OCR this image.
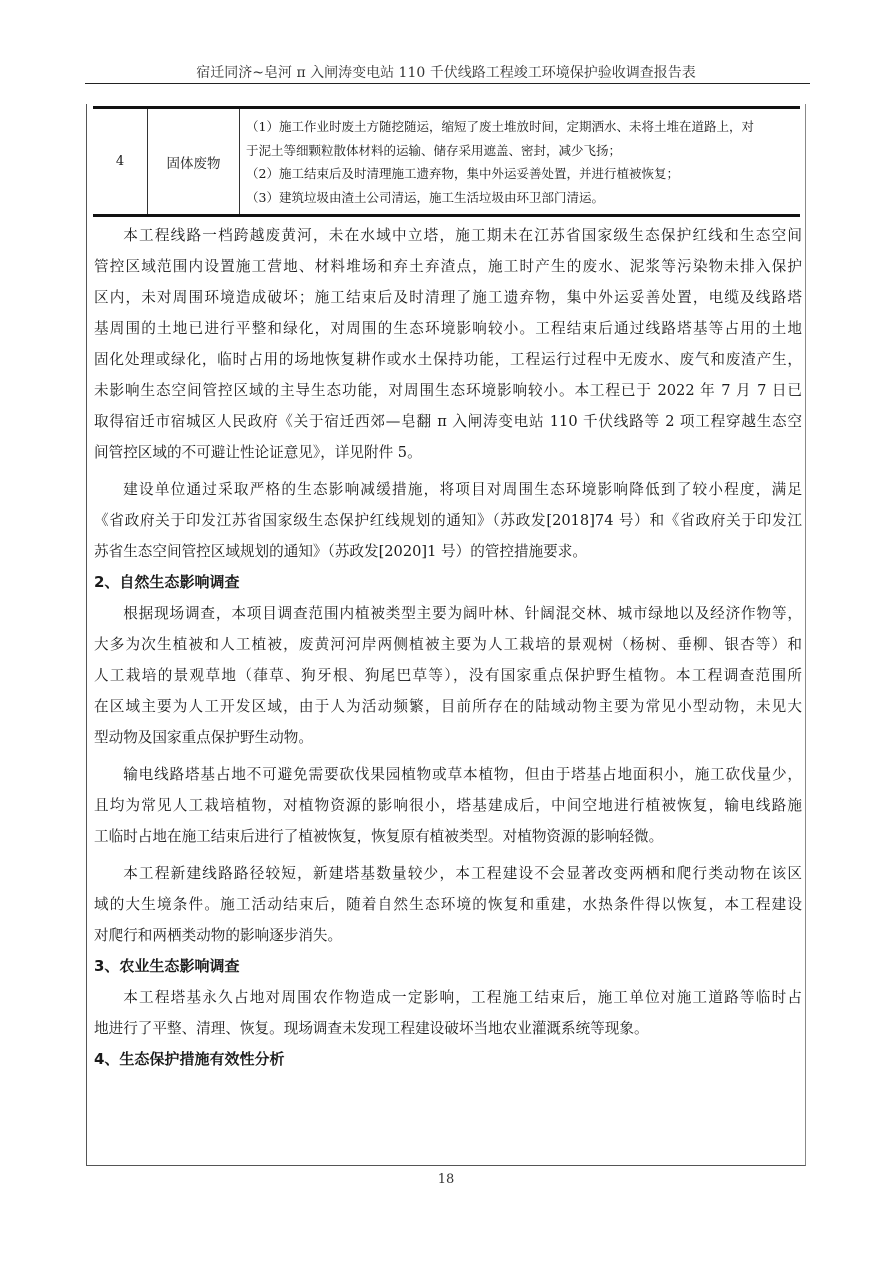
宿迁同济~皂河 π 入闸涛变电站 110 千伏线路工程竣工环境保护验收调查报告表
4	固体废物

（1）施工作业时废土方随挖随运，缩短了废土堆放时间，定期洒水、未将土堆在道路上，对

于泥土等细颗粒散体材料的运输、储存采用遮盖、密封，减少飞扬；

（2）施工结束后及时清理施工遗弃物，集中外运妥善处置，并进行植被恢复；

（3）建筑垃圾由渣土公司清运，施工生活垃圾由环卫部门清运。

本工程线路一档跨越废黄河，未在水域中立塔，施工期未在江苏省国家级生态保护红线和生态空间
管控区域范围内设置施工营地、材料堆场和弃土弃渣点，施工时产生的废水、泥浆等污染物未排入保护
区内，未对周围环境造成破坏；施工结束后及时清理了施工遗弃物，集中外运妥善处置，电缆及线路塔
基周围的土地已进行平整和绿化，对周围的生态环境影响较小。工程结束后通过线路塔基等占用的土地
固化处理或绿化，临时占用的场地恢复耕作或水土保持功能，工程运行过程中无废水、废气和废渣产生，
未影响生态空间管控区域的主导生态功能，对周围生态环境影响较小。本工程已于 2022 年 7 月 7 日已
取得宿迁市宿城区人民政府《关于宿迁西郊—皂翻 π 入闸涛变电站 110 千伏线路等 2 项工程穿越生态空
间管控区域的不可避让性论证意见》，详见附件 5。
建设单位通过采取严格的生态影响减缓措施，将项目对周围生态环境影响降低到了较小程度，满足
《省政府关于印发江苏省国家级生态保护红线规划的通知》（苏政发[2018]74 号）和《省政府关于印发江
苏省生态空间管控区域规划的通知》（苏政发[2020]1 号）的管控措施要求。
2、自然生态影响调查
根据现场调查，本项目调查范围内植被类型主要为阔叶林、针阔混交林、城市绿地以及经济作物等，
大多为次生植被和人工植被，废黄河河岸两侧植被主要为人工栽培的景观树（杨树、垂柳、银杏等）和
人工栽培的景观草地（葎草、狗牙根、狗尾巴草等），没有国家重点保护野生植物。本工程调查范围所
在区域主要为人工开发区域，由于人为活动频繁，目前所存在的陆域动物主要为常见小型动物，未见大
型动物及国家重点保护野生动物。
输电线路塔基占地不可避免需要砍伐果园植物或草本植物，但由于塔基占地面积小，施工砍伐量少，
且均为常见人工栽培植物，对植物资源的影响很小，塔基建成后，中间空地进行植被恢复，输电线路施
工临时占地在施工结束后进行了植被恢复，恢复原有植被类型。对植物资源的影响轻微。
本工程新建线路路径较短，新建塔基数量较少，本工程建设不会显著改变两栖和爬行类动物在该区
域的大生境条件。施工活动结束后，随着自然生态环境的恢复和重建，水热条件得以恢复，本工程建设
对爬行和两栖类动物的影响逐步消失。
3、农业生态影响调查
本工程塔基永久占地对周围农作物造成一定影响，工程施工结束后，施工单位对施工道路等临时占
地进行了平整、清理、恢复。现场调查未发现工程建设破坏当地农业灌溉系统等现象。
4、生态保护措施有效性分析
18
